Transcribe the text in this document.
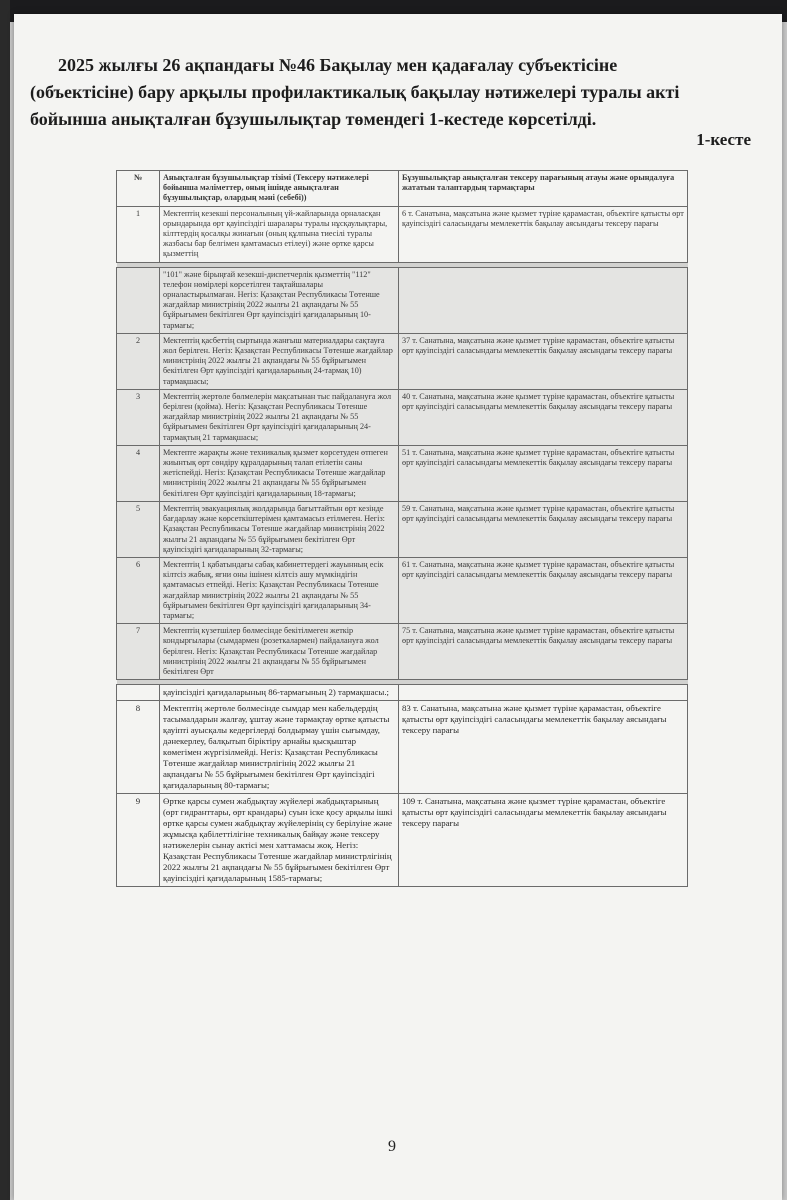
2025 жылғы 26 ақпандағы №46 Бақылау мен қадағалау субъектісіне
(объектісіне) бару арқылы профилактикалық бақылау нәтижелері туралы акті
бойынша анықталған бұзушылықтар төмендегі 1-кестеде көрсетілді.
1-кесте
№	Анықталған бұзушылықтар тізімі (Тексеру нәтижелері бойынша мәліметтер, оның ішінде анықталған бұзушылықтар, олардың мәні (себебі))	Бұзушылықтар анықталған тексеру парағының атауы және орындалуға жататын талаптардың тармақтары
1	Мектептің кезекші персоналының үй-жайларында орналасқан орындарында өрт қауіпсіздігі шаралары туралы нұсқаулықтары, кілттердің қосалқы жинағын (оның құлпына тиесілі туралы жазбасы бар белгімен қамтамасыз етілеуі) және өртке қарсы қызметтің	6 т. Санатына, мақсатына және қызмет түріне қарамастан, объектіге қатысты өрт қауіпсіздігі саласындағы мемлекеттік бақылау аясындағы тексеру парағы

	"101" және бірыңғай кезекші-диспетчерлік қызметтің "112" телефон нөмірлері көрсетілген тақтайшалары орналастырылмаған. Негіз: Қазақстан Республикасы Төтенше жағдайлар министрінің 2022 жылғы 21 ақпандағы № 55 бұйрығымен бекітілген Өрт қауіпсіздігі қағидаларының 10-тармағы;	
2	Мектептің қасбеттің сыртында жанғыш материалдары сақтауға жол берілген. Негіз: Қазақстан Республикасы Төтенше жағдайлар министрінің 2022 жылғы 21 ақпандағы № 55 бұйрығымен бекітілген Өрт қауіпсіздігі қағидаларының 24-тармақ 10) тармақшасы;	37 т. Санатына, мақсатына және қызмет түріне қарамастан, объектіге қатысты өрт қауіпсіздігі саласындағы мемлекеттік бақылау аясындағы тексеру парағы
3	Мектептің жертөле бөлмелерін мақсатынан тыс пайдалануға жол берілген (қойма). Негіз: Қазақстан Республикасы Төтенше жағдайлар министрінің 2022 жылғы 21 ақпандағы № 55 бұйрығымен бекітілген Өрт қауіпсіздігі қағидаларының 24-тармақтың 21 тармақшасы;	40 т. Санатына, мақсатына және қызмет түріне қарамастан, объектіге қатысты өрт қауіпсіздігі саласындағы мемлекеттік бақылау аясындағы тексеру парағы
4	Мектепте жарақты және техникалық қызмет көрсетуден өтпеген жиынтық өрт сөндіру құралдарының талап етілетін саны жетіспейді. Негіз: Қазақстан Республикасы Төтенше жағдайлар министрінің 2022 жылғы 21 ақпандағы № 55 бұйрығымен бекітілген Өрт қауіпсіздігі қағидаларының 18-тармағы;	51 т. Санатына, мақсатына және қызмет түріне қарамастан, объектіге қатысты өрт қауіпсіздігі саласындағы мемлекеттік бақылау аясындағы тексеру парағы
5	Мектептің эвакуациялық жолдарында бағыттайтын өрт кезінде бағдарлау және көрсеткіштерімен қамтамасыз етілмеген. Негіз: Қазақстан Республикасы Төтенше жағдайлар министрінің 2022 жылғы 21 ақпандағы № 55 бұйрығымен бекітілген Өрт қауіпсіздігі қағидаларының 32-тармағы;	59 т. Санатына, мақсатына және қызмет түріне қарамастан, объектіге қатысты өрт қауіпсіздігі саласындағы мемлекеттік бақылау аясындағы тексеру парағы
6	Мектептің 1 қабатындағы сабақ кабинеттердегі жауынның есік кілтсіз жабық, яғни оны ішінен кілтсіз ашу мүмкіндігін қамтамасыз етпейді. Негіз: Қазақстан Республикасы Төтенше жағдайлар министрінің 2022 жылғы 21 ақпандағы № 55 бұйрығымен бекітілген Өрт қауіпсіздігі қағидаларының 34-тармағы;	61 т. Санатына, мақсатына және қызмет түріне қарамастан, объектіге қатысты өрт қауіпсіздігі саласындағы мемлекеттік бақылау аясындағы тексеру парағы
7	Мектептің күзетшілер бөлмесінде бекітілмеген жеткір кондыргылары (сымдармен (розеткалармен) пайдалануға жол берілген. Негіз: Қазақстан Республикасы Төтенше жағдайлар министрінің 2022 жылғы 21 ақпандағы № 55 бұйрығымен бекітілген Өрт	75 т. Санатына, мақсатына және қызмет түріне қарамастан, объектіге қатысты өрт қауіпсіздігі саласындағы мемлекеттік бақылау аясындағы тексеру парағы

	қауіпсіздігі қағидаларының 86-тармағының 2) тармақшасы.;	
8	Мектептің жертөле бөлмесінде сымдар мен кабельдердің тасымалдарын жалғау, ұштау және тармақтау өртке қатысты қауіпті ауысқалы кедергілерді болдырмау үшін сығымдау, дәнекерлеу, балқытып біріктіру арнайы қысқыштар көмегімен жүргізілмейді. Негіз: Қазақстан Республикасы Төтенше жағдайлар министрлігінің 2022 жылғы 21 ақпандағы № 55 бұйрығымен бекітілген Өрт қауіпсіздігі қағидаларының 80-тармағы;	83 т. Санатына, мақсатына және қызмет түріне қарамастан, объектіге қатысты өрт қауіпсіздігі саласындағы мемлекеттік бақылау аясындағы тексеру парағы
9	Өртке қарсы сумен жабдықтау жүйелері жабдықтарының (өрт гидранттары, өрт крандары) суын іске қосу арқылы ішкі өртке қарсы сумен жабдықтау жүйелерінің су берілуіне және жұмысқа қабілеттілігіне техникалық байқау және тексеру нәтижелерін сынау актісі мен хаттамасы жоқ. Негіз: Қазақстан Республикасы Төтенше жағдайлар министрлігінің 2022 жылғы 21 ақпандағы № 55 бұйрығымен бекітілген Өрт қауіпсіздігі қағидаларының 1585-тармағы;	109 т. Санатына, мақсатына және қызмет түріне қарамастан, объектіге қатысты өрт қауіпсіздігі саласындағы мемлекеттік бақылау аясындағы тексеру парағы
9
